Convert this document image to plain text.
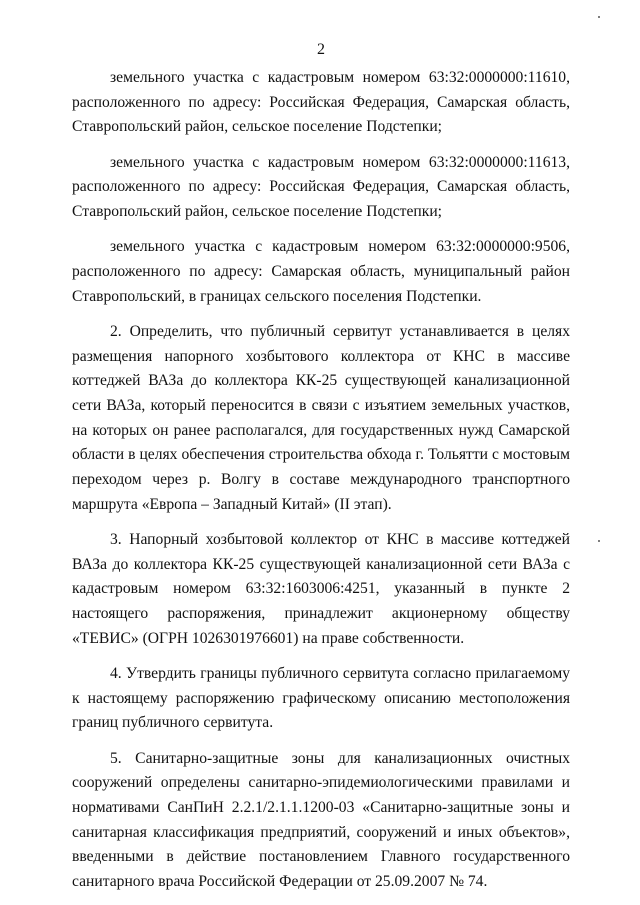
2

земельного участка с кадастровым номером 63:32:0000000:11610, расположенного по адресу: Российская Федерация, Самарская область, Ставропольский район, сельское поселение Подстепки;

земельного участка с кадастровым номером 63:32:0000000:11613, расположенного по адресу: Российская Федерация, Самарская область, Ставропольский район, сельское поселение Подстепки;

земельного участка с кадастровым номером 63:32:0000000:9506, расположенного по адресу: Самарская область, муниципальный район Ставропольский, в границах сельского поселения Подстепки.

2. Определить, что публичный сервитут устанавливается в целях размещения напорного хозбытового коллектора от КНС в массиве коттеджей ВАЗа до коллектора КК-25 существующей канализационной сети ВАЗа, который переносится в связи с изъятием земельных участков, на которых он ранее располагался, для государственных нужд Самарской области в целях обеспечения строительства обхода г. Тольятти с мостовым переходом через р. Волгу в составе международного транспортного маршрута «Европа – Западный Китай» (II этап).

3. Напорный хозбытовой коллектор от КНС в массиве коттеджей ВАЗа до коллектора КК-25 существующей канализационной сети ВАЗа с кадастровым номером 63:32:1603006:4251, указанный в пункте 2 настоящего распоряжения, принадлежит акционерному обществу «ТЕВИС» (ОГРН 1026301976601) на праве собственности.

4. Утвердить границы публичного сервитута согласно прилагаемому к настоящему распоряжению графическому описанию местоположения границ публичного сервитута.

5. Санитарно-защитные зоны для канализационных очистных сооружений определены санитарно-эпидемиологическими правилами и нормативами СанПиН 2.2.1/2.1.1.1200-03 «Санитарно-защитные зоны и санитарная классификация предприятий, сооружений и иных объектов», введенными в действие постановлением Главного государственного санитарного врача Российской Федерации от 25.09.2007 № 74.
